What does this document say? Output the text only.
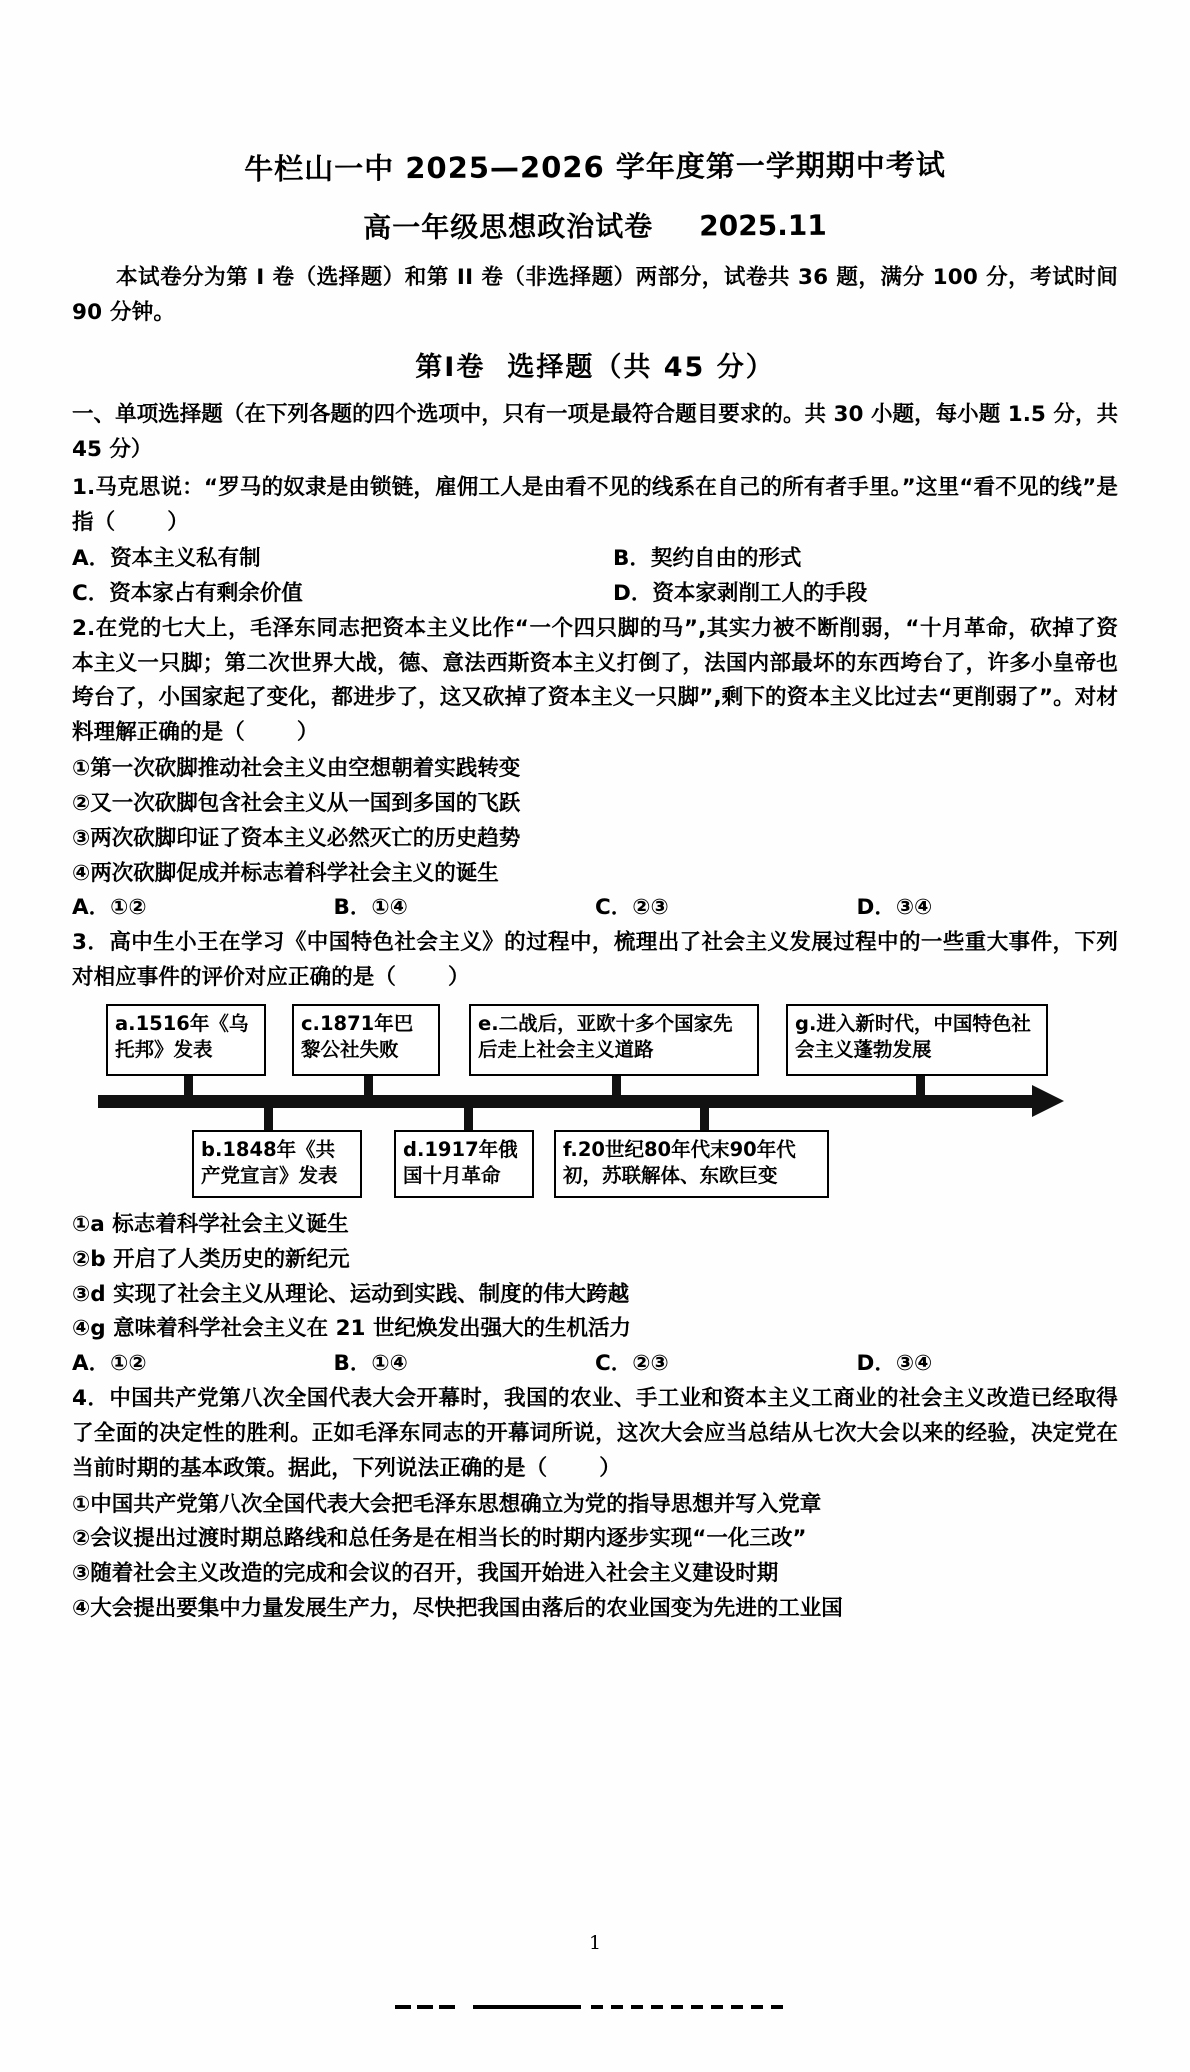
牛栏山一中 2025—2026 学年度第一学期期中考试
高一年级思想政治试卷 2025.11
本试卷分为第 I 卷（选择题）和第 II 卷（非选择题）两部分，试卷共 36 题，满分 100 分，考试时间 90 分钟。
第I卷 选择题（共 45 分）
一、单项选择题（在下列各题的四个选项中，只有一项是最符合题目要求的。共 30 小题，每小题 1.5 分，共 45 分）
1.马克思说：“罗马的奴隶是由锁链，雇佣工人是由看不见的线系在自己的所有者手里。”这里“看不见的线”是指（ ）
A．资本主义私有制	B．契约自由的形式
C．资本家占有剩余价值	D．资本家剥削工人的手段
2.在党的七大上，毛泽东同志把资本主义比作“一个四只脚的马”,其实力被不断削弱，“十月革命，砍掉了资本主义一只脚；第二次世界大战，德、意法西斯资本主义打倒了，法国内部最坏的东西垮台了，许多小皇帝也垮台了，小国家起了变化，都进步了，这又砍掉了资本主义一只脚”,剩下的资本主义比过去“更削弱了”。对材料理解正确的是（ ）
①第一次砍脚推动社会主义由空想朝着实践转变
②又一次砍脚包含社会主义从一国到多国的飞跃
③两次砍脚印证了资本主义必然灭亡的历史趋势
④两次砍脚促成并标志着科学社会主义的诞生
A．①②	B．①④	C．②③	D．③④
3．高中生小王在学习《中国特色社会主义》的过程中，梳理出了社会主义发展过程中的一些重大事件，下列对相应事件的评价对应正确的是（ ）
a.1516年《乌托邦》发表
c.1871年巴黎公社失败
e.二战后，亚欧十多个国家先后走上社会主义道路
g.进入新时代，中国特色社会主义蓬勃发展
b.1848年《共产党宣言》发表
d.1917年俄国十月革命
f.20世纪80年代末90年代初，苏联解体、东欧巨变
①a 标志着科学社会主义诞生
②b 开启了人类历史的新纪元
③d 实现了社会主义从理论、运动到实践、制度的伟大跨越
④g 意味着科学社会主义在 21 世纪焕发出强大的生机活力
A．①②	B．①④	C．②③	D．③④
4．中国共产党第八次全国代表大会开幕时，我国的农业、手工业和资本主义工商业的社会主义改造已经取得了全面的决定性的胜利。正如毛泽东同志的开幕词所说，这次大会应当总结从七次大会以来的经验，决定党在当前时期的基本政策。据此，下列说法正确的是（ ）
①中国共产党第八次全国代表大会把毛泽东思想确立为党的指导思想并写入党章
②会议提出过渡时期总路线和总任务是在相当长的时期内逐步实现“一化三改”
③随着社会主义改造的完成和会议的召开，我国开始进入社会主义建设时期
④大会提出要集中力量发展生产力，尽快把我国由落后的农业国变为先进的工业国
1
